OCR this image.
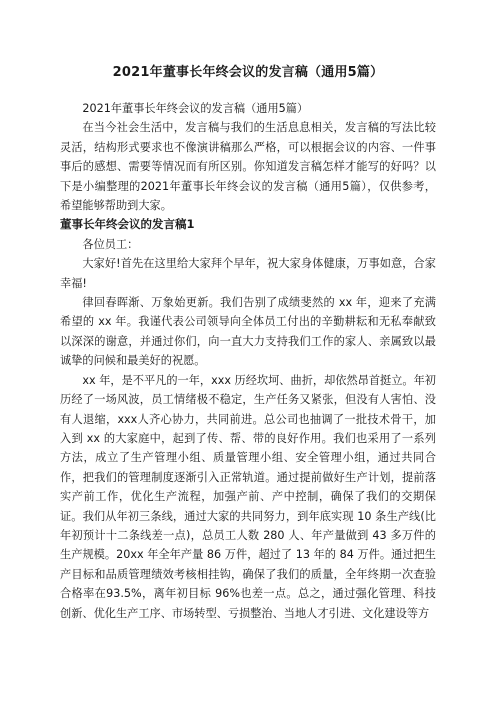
2021年董事长年终会议的发言稿（通用5篇）

2021年董事长年终会议的发言稿（通用5篇）

在当今社会生活中，发言稿与我们的生活息息相关，发言稿的写法比较灵活，结构形式要求也不像演讲稿那么严格，可以根据会议的内容、一件事事后的感想、需要等情况而有所区别。你知道发言稿怎样才能写的好吗？以下是小编整理的2021年董事长年终会议的发言稿（通用5篇），仅供参考，希望能够帮助到大家。

董事长年终会议的发言稿1

各位员工：

大家好!首先在这里给大家拜个早年，祝大家身体健康，万事如意，合家幸福!

律回春晖渐、万象始更新。我们告别了成绩斐然的 xx 年，迎来了充满希望的 xx 年。我谨代表公司领导向全体员工付出的辛勤耕耘和无私奉献致以深深的谢意，并通过你们，向一直大力支持我们工作的家人、亲属致以最诚挚的问候和最美好的祝愿。

xx 年，是不平凡的一年，xxx 历经坎坷、曲折，却依然昂首挺立。年初历经了一场风波，员工情绪极不稳定，生产任务又紧张，但没有人害怕、没有人退缩，xxx人齐心协力，共同前进。总公司也抽调了一批技术骨干，加入到 xx 的大家庭中，起到了传、帮、带的良好作用。我们也采用了一系列方法，成立了生产管理小组、质量管理小组、安全管理小组，通过共同合作，把我们的管理制度逐渐引入正常轨道。通过提前做好生产计划，提前落实产前工作，优化生产流程，加强产前、产中控制，确保了我们的交期保证。我们从年初三条线，通过大家的共同努力，到年底实现 10 条生产线(比年初预计十二条线差一点)，总员工人数 280 人、年产量做到 43 多万件的生产规模。20xx 年全年产量 86 万件，超过了 13 年的 84 万件。通过把生产目标和品质管理绩效考核相挂钩，确保了我们的质量，全年终期一次查验合格率在93.5%，离年初目标 96%也差一点。总之，通过强化管理、科技创新、优化生产工序、市场转型、亏损整治、当地人才引进、文化建设等方
